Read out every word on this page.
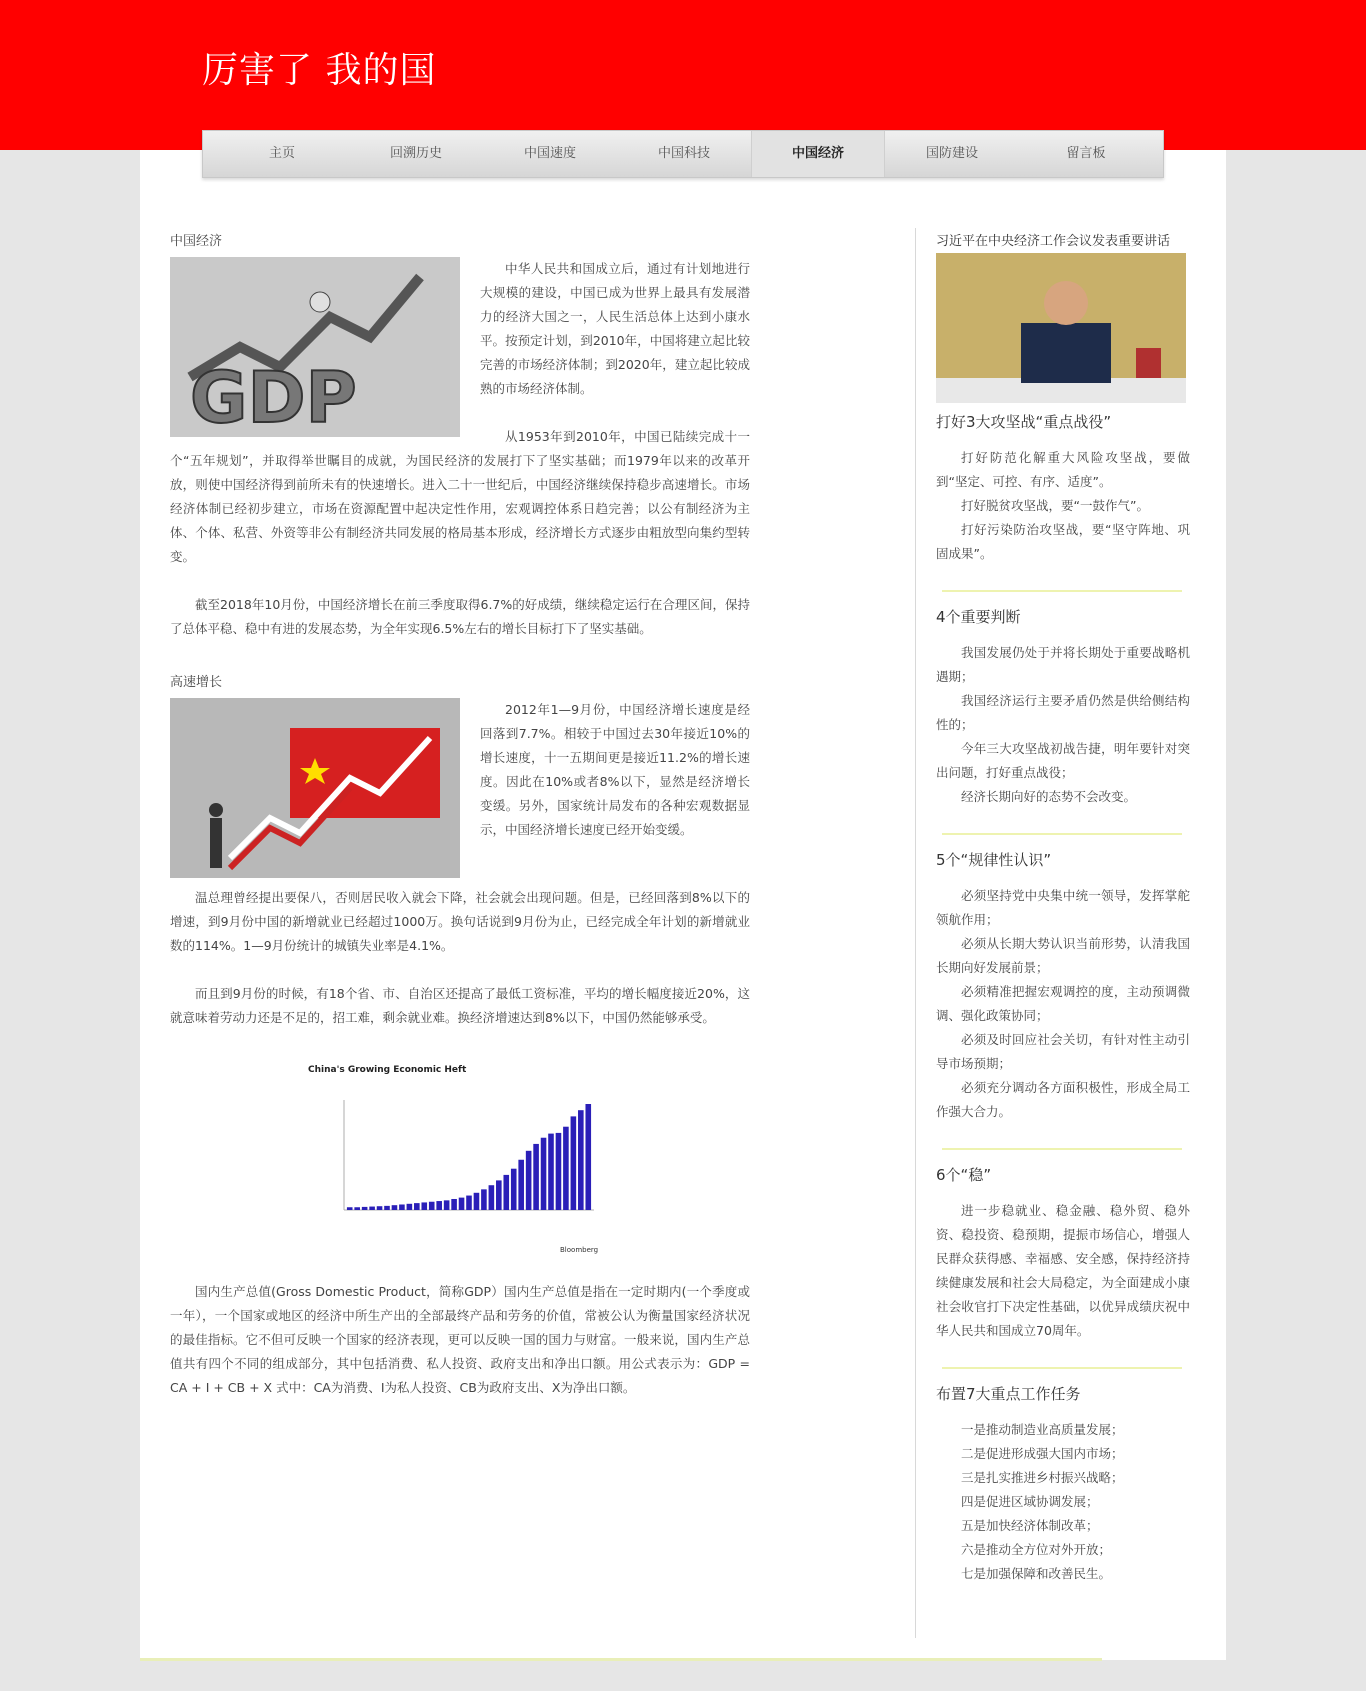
厉害了 我的国
主页	回溯历史	中国速度	中国科技	中国经济	国防建设	留言板
中国经济
GDP

中华人民共和国成立后，通过有计划地进行大规模的建设，中国已成为世界上最具有发展潜力的经济大国之一，人民生活总体上达到小康水平。按预定计划，到2010年，中国将建立起比较完善的市场经济体制；到2020年，建立起比较成熟的市场经济体制。

从1953年到2010年，中国已陆续完成十一个“五年规划”，并取得举世瞩目的成就，为国民经济的发展打下了坚实基础；而1979年以来的改革开放，则使中国经济得到前所未有的快速增长。进入二十一世纪后，中国经济继续保持稳步高速增长。市场经济体制已经初步建立，市场在资源配置中起决定性作用，宏观调控体系日趋完善；以公有制经济为主体、个体、私营、外资等非公有制经济共同发展的格局基本形成，经济增长方式逐步由粗放型向集约型转变。

截至2018年10月份，中国经济增长在前三季度取得6.7%的好成绩，继续稳定运行在合理区间，保持了总体平稳、稳中有进的发展态势，为全年实现6.5%左右的增长目标打下了坚实基础。

高速增长

2012年1—9月份，中国经济增长速度是经回落到7.7%。相较于中国过去30年接近10%的增长速度，十一五期间更是接近11.2%的增长速度。因此在10%或者8%以下，显然是经济增长变缓。另外，国家统计局发布的各种宏观数据显示，中国经济增长速度已经开始变缓。

温总理曾经提出要保八，否则居民收入就会下降，社会就会出现问题。但是，已经回落到8%以下的增速，到9月份中国的新增就业已经超过1000万。换句话说到9月份为止，已经完成全年计划的新增就业数的114%。1—9月份统计的城镇失业率是4.1%。

而且到9月份的时候，有18个省、市、自治区还提高了最低工资标准，平均的增长幅度接近20%，这就意味着劳动力还是不足的，招工难，剩余就业难。换经济增速达到8%以下，中国仍然能够承受。

China's Growing Economic Heft
Bloomberg

国内生产总值(Gross Domestic Product，简称GDP）国内生产总值是指在一定时期内(一个季度或一年），一个国家或地区的经济中所生产出的全部最终产品和劳务的价值，常被公认为衡量国家经济状况的最佳指标。它不但可反映一个国家的经济表现，更可以反映一国的国力与财富。一般来说，国内生产总值共有四个不同的组成部分，其中包括消费、私人投资、政府支出和净出口额。用公式表示为：GDP = CA + I + CB + X 式中：CA为消费、I为私人投资、CB为政府支出、X为净出口额。

习近平在中央经济工作会议发表重要讲话
打好3大攻坚战“重点战役”

打好防范化解重大风险攻坚战，要做到“坚定、可控、有序、适度”。

打好脱贫攻坚战，要“一鼓作气”。

打好污染防治攻坚战，要“坚守阵地、巩固成果”。

4个重要判断

我国发展仍处于并将长期处于重要战略机遇期；

我国经济运行主要矛盾仍然是供给侧结构性的；

今年三大攻坚战初战告捷，明年要针对突出问题，打好重点战役；

经济长期向好的态势不会改变。

5个“规律性认识”

必须坚持党中央集中统一领导，发挥掌舵领航作用；

必须从长期大势认识当前形势，认清我国长期向好发展前景；

必须精准把握宏观调控的度，主动预调微调、强化政策协同；

必须及时回应社会关切，有针对性主动引导市场预期；

必须充分调动各方面积极性，形成全局工作强大合力。

6个“稳”

进一步稳就业、稳金融、稳外贸、稳外资、稳投资、稳预期，提振市场信心，增强人民群众获得感、幸福感、安全感，保持经济持续健康发展和社会大局稳定，为全面建成小康社会收官打下决定性基础，以优异成绩庆祝中华人民共和国成立70周年。

布置7大重点工作任务
一是推动制造业高质量发展；
二是促进形成强大国内市场；
三是扎实推进乡村振兴战略；
四是促进区域协调发展；
五是加快经济体制改革；
六是推动全方位对外开放；
七是加强保障和改善民生。
